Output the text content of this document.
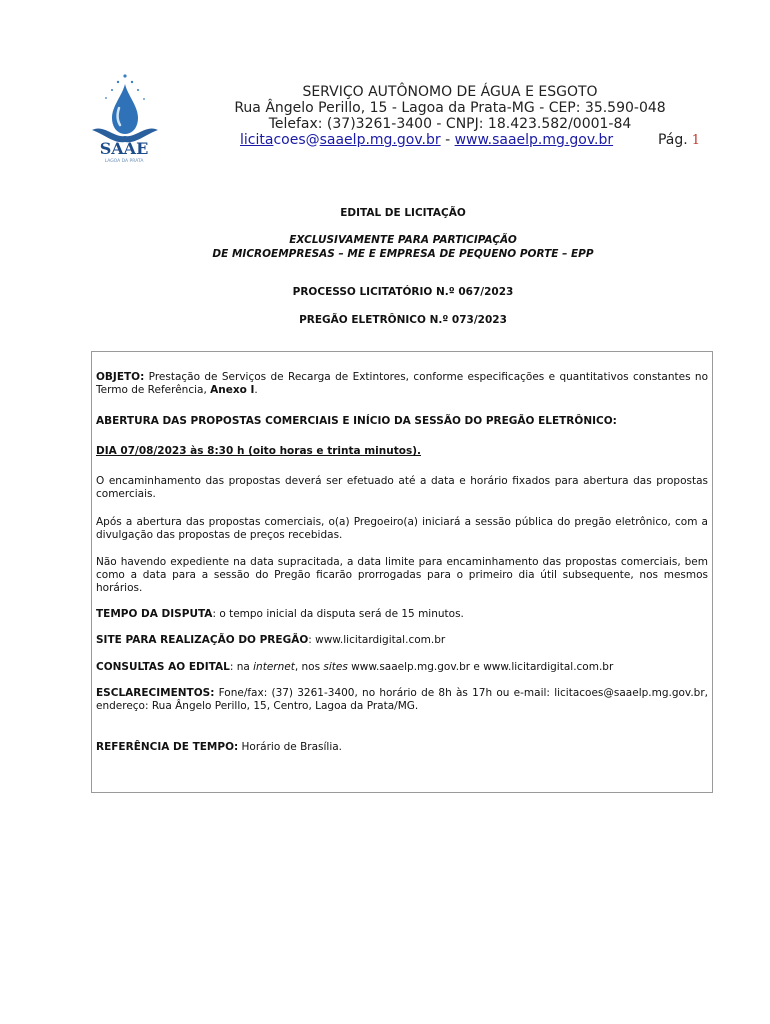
SAAE
LAGOA DA PRATA
SERVIÇO AUTÔNOMO DE ÁGUA E ESGOTO
Rua Ângelo Perillo, 15 - Lagoa da Prata-MG - CEP: 35.590-048
Telefax: (37)3261-3400 - CNPJ: 18.423.582/0001-84
licitacoes@saaelp.mg.gov.br - www.saaelp.mg.gov.br	Pág. 1
EDITAL DE LICITAÇÃO
EXCLUSIVAMENTE PARA PARTICIPAÇÃO
DE MICROEMPRESAS – ME E EMPRESA DE PEQUENO PORTE – EPP
PROCESSO LICITATÓRIO N.º 067/2023
PREGÃO ELETRÔNICO N.º 073/2023

OBJETO: Prestação de Serviços de Recarga de Extintores, conforme especificações e quantitativos constantes no Termo de Referência, Anexo I.

ABERTURA DAS PROPOSTAS COMERCIAIS E INÍCIO DA SESSÃO DO PREGÃO ELETRÔNICO:

DIA 07/08/2023 às 8:30 h (oito horas e trinta minutos).

O encaminhamento das propostas deverá ser efetuado até a data e horário fixados para abertura das propostas comerciais.

Após a abertura das propostas comerciais, o(a) Pregoeiro(a) iniciará a sessão pública do pregão eletrônico, com a divulgação das propostas de preços recebidas.

Não havendo expediente na data supracitada, a data limite para encaminhamento das propostas comerciais, bem como a data para a sessão do Pregão ficarão prorrogadas para o primeiro dia útil subsequente, nos mesmos horários.

TEMPO DA DISPUTA: o tempo inicial da disputa será de 15 minutos.

SITE PARA REALIZAÇÃO DO PREGÃO: www.licitardigital.com.br

CONSULTAS AO EDITAL: na internet, nos sites www.saaelp.mg.gov.br e www.licitardigital.com.br

ESCLARECIMENTOS: Fone/fax: (37) 3261-3400, no horário de 8h às 17h ou e-mail: licitacoes@saaelp.mg.gov.br, endereço: Rua Ângelo Perillo, 15, Centro, Lagoa da Prata/MG.

REFERÊNCIA DE TEMPO: Horário de Brasília.
